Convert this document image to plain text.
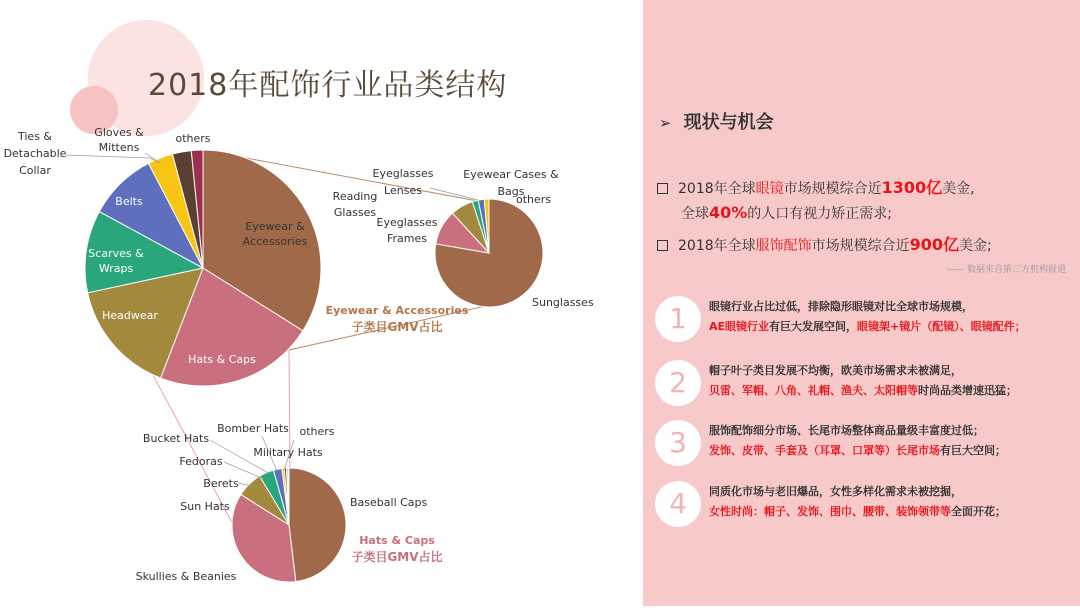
Eyewear &
Accessories
Hats & Caps
Headwear
Scarves &
Wraps
Belts
Gloves &
Mittens
others
Ties &
Detachable
Collar
Sunglasses
Reading
Glasses
Eyeglasses
Frames
Eyeglasses
Lenses
Eyewear Cases &
Bags
others
Eyewear & Accessories
子类目GMV占比
Baseball Caps
Skullies & Beanies
Sun Hats
Berets
Fedoras
Bucket Hats
Bomber Hats
Military Hats
others
Hats & Caps
子类目GMV占比
2018年配饰行业品类结构
➢ 现状与机会
2018年全球眼镜市场规模综合近1300亿美金,
全球40%的人口有视力矫正需求;
2018年全球服饰配饰市场规模综合近900亿美金;
—— 数据来自第三方机构报道
1	眼镜行业占比过低，排除隐形眼镜对比全球市场规模，
AE眼镜行业有巨大发展空间，眼镜架+镜片（配镜）、眼镜配件；
2	帽子叶子类目发展不均衡，欧美市场需求未被满足，
贝雷、军帽、八角、礼帽、渔夫、太阳帽等时尚品类增速迅猛；
3	服饰配饰细分市场、长尾市场整体商品量级丰富度过低；
发饰、皮带、手套及（耳罩、口罩等）长尾市场有巨大空间；
4	同质化市场与老旧爆品，女性多样化需求未被挖掘，
女性时尚：帽子、发饰、围巾、腰带、装饰领带等全面开花；
